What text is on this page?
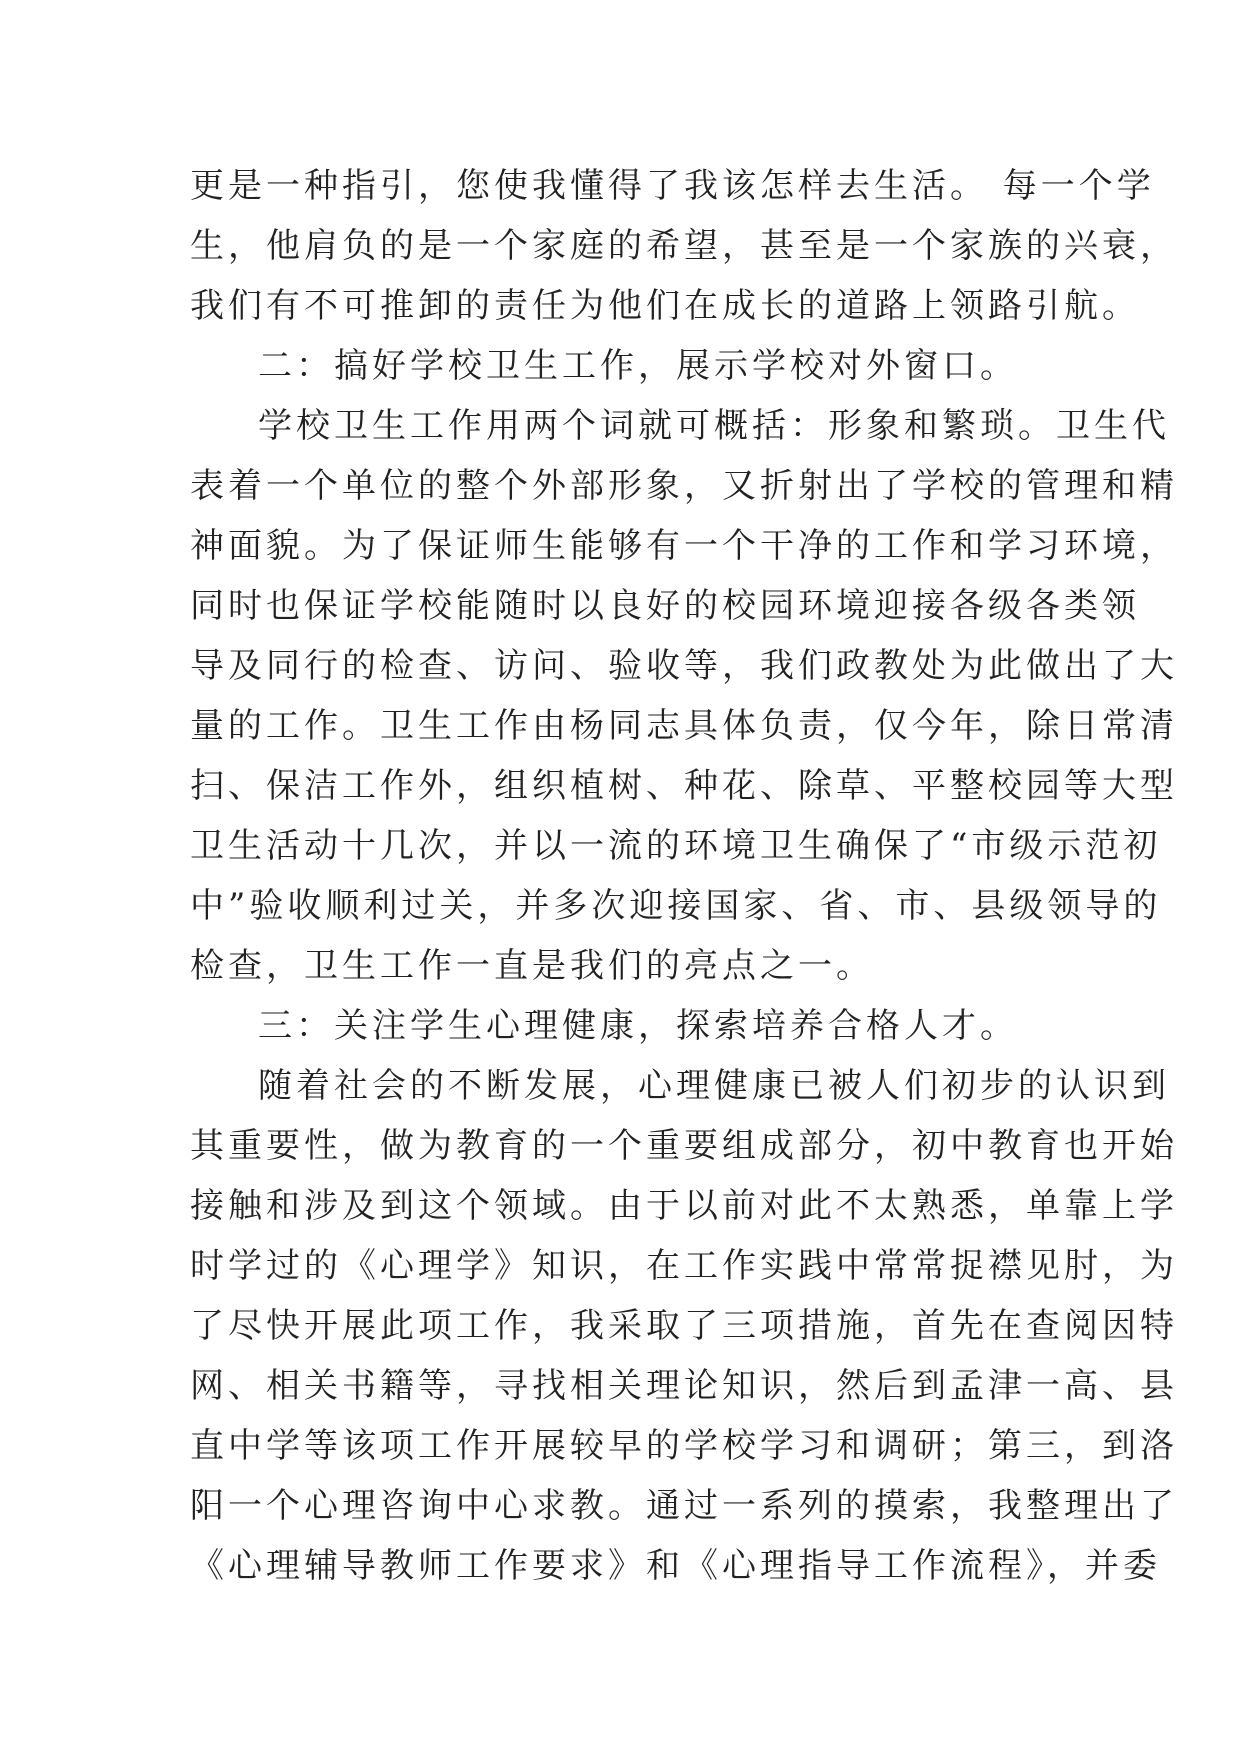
更是一种指引，您使我懂得了我该怎样去生活。 每一个学
生，他肩负的是一个家庭的希望，甚至是一个家族的兴衰，
我们有不可推卸的责任为他们在成长的道路上领路引航。
二：搞好学校卫生工作，展示学校对外窗口。
学校卫生工作用两个词就可概括：形象和繁琐。卫生代
表着一个单位的整个外部形象，又折射出了学校的管理和精
神面貌。为了保证师生能够有一个干净的工作和学习环境，
同时也保证学校能随时以良好的校园环境迎接各级各类领
导及同行的检查、访问、验收等，我们政教处为此做出了大
量的工作。卫生工作由杨同志具体负责，仅今年，除日常清
扫、保洁工作外，组织植树、种花、除草、平整校园等大型
卫生活动十几次，并以一流的环境卫生确保了“市级示范初
中”验收顺利过关，并多次迎接国家、省、市、县级领导的
检查，卫生工作一直是我们的亮点之一。
三：关注学生心理健康，探索培养合格人才。
随着社会的不断发展，心理健康已被人们初步的认识到
其重要性，做为教育的一个重要组成部分，初中教育也开始
接触和涉及到这个领域。由于以前对此不太熟悉，单靠上学
时学过的《心理学》知识，在工作实践中常常捉襟见肘，为
了尽快开展此项工作，我采取了三项措施，首先在查阅因特
网、相关书籍等，寻找相关理论知识，然后到孟津一高、县
直中学等该项工作开展较早的学校学习和调研；第三，到洛
阳一个心理咨询中心求教。通过一系列的摸索，我整理出了
《心理辅导教师工作要求》和《心理指导工作流程》，并委
